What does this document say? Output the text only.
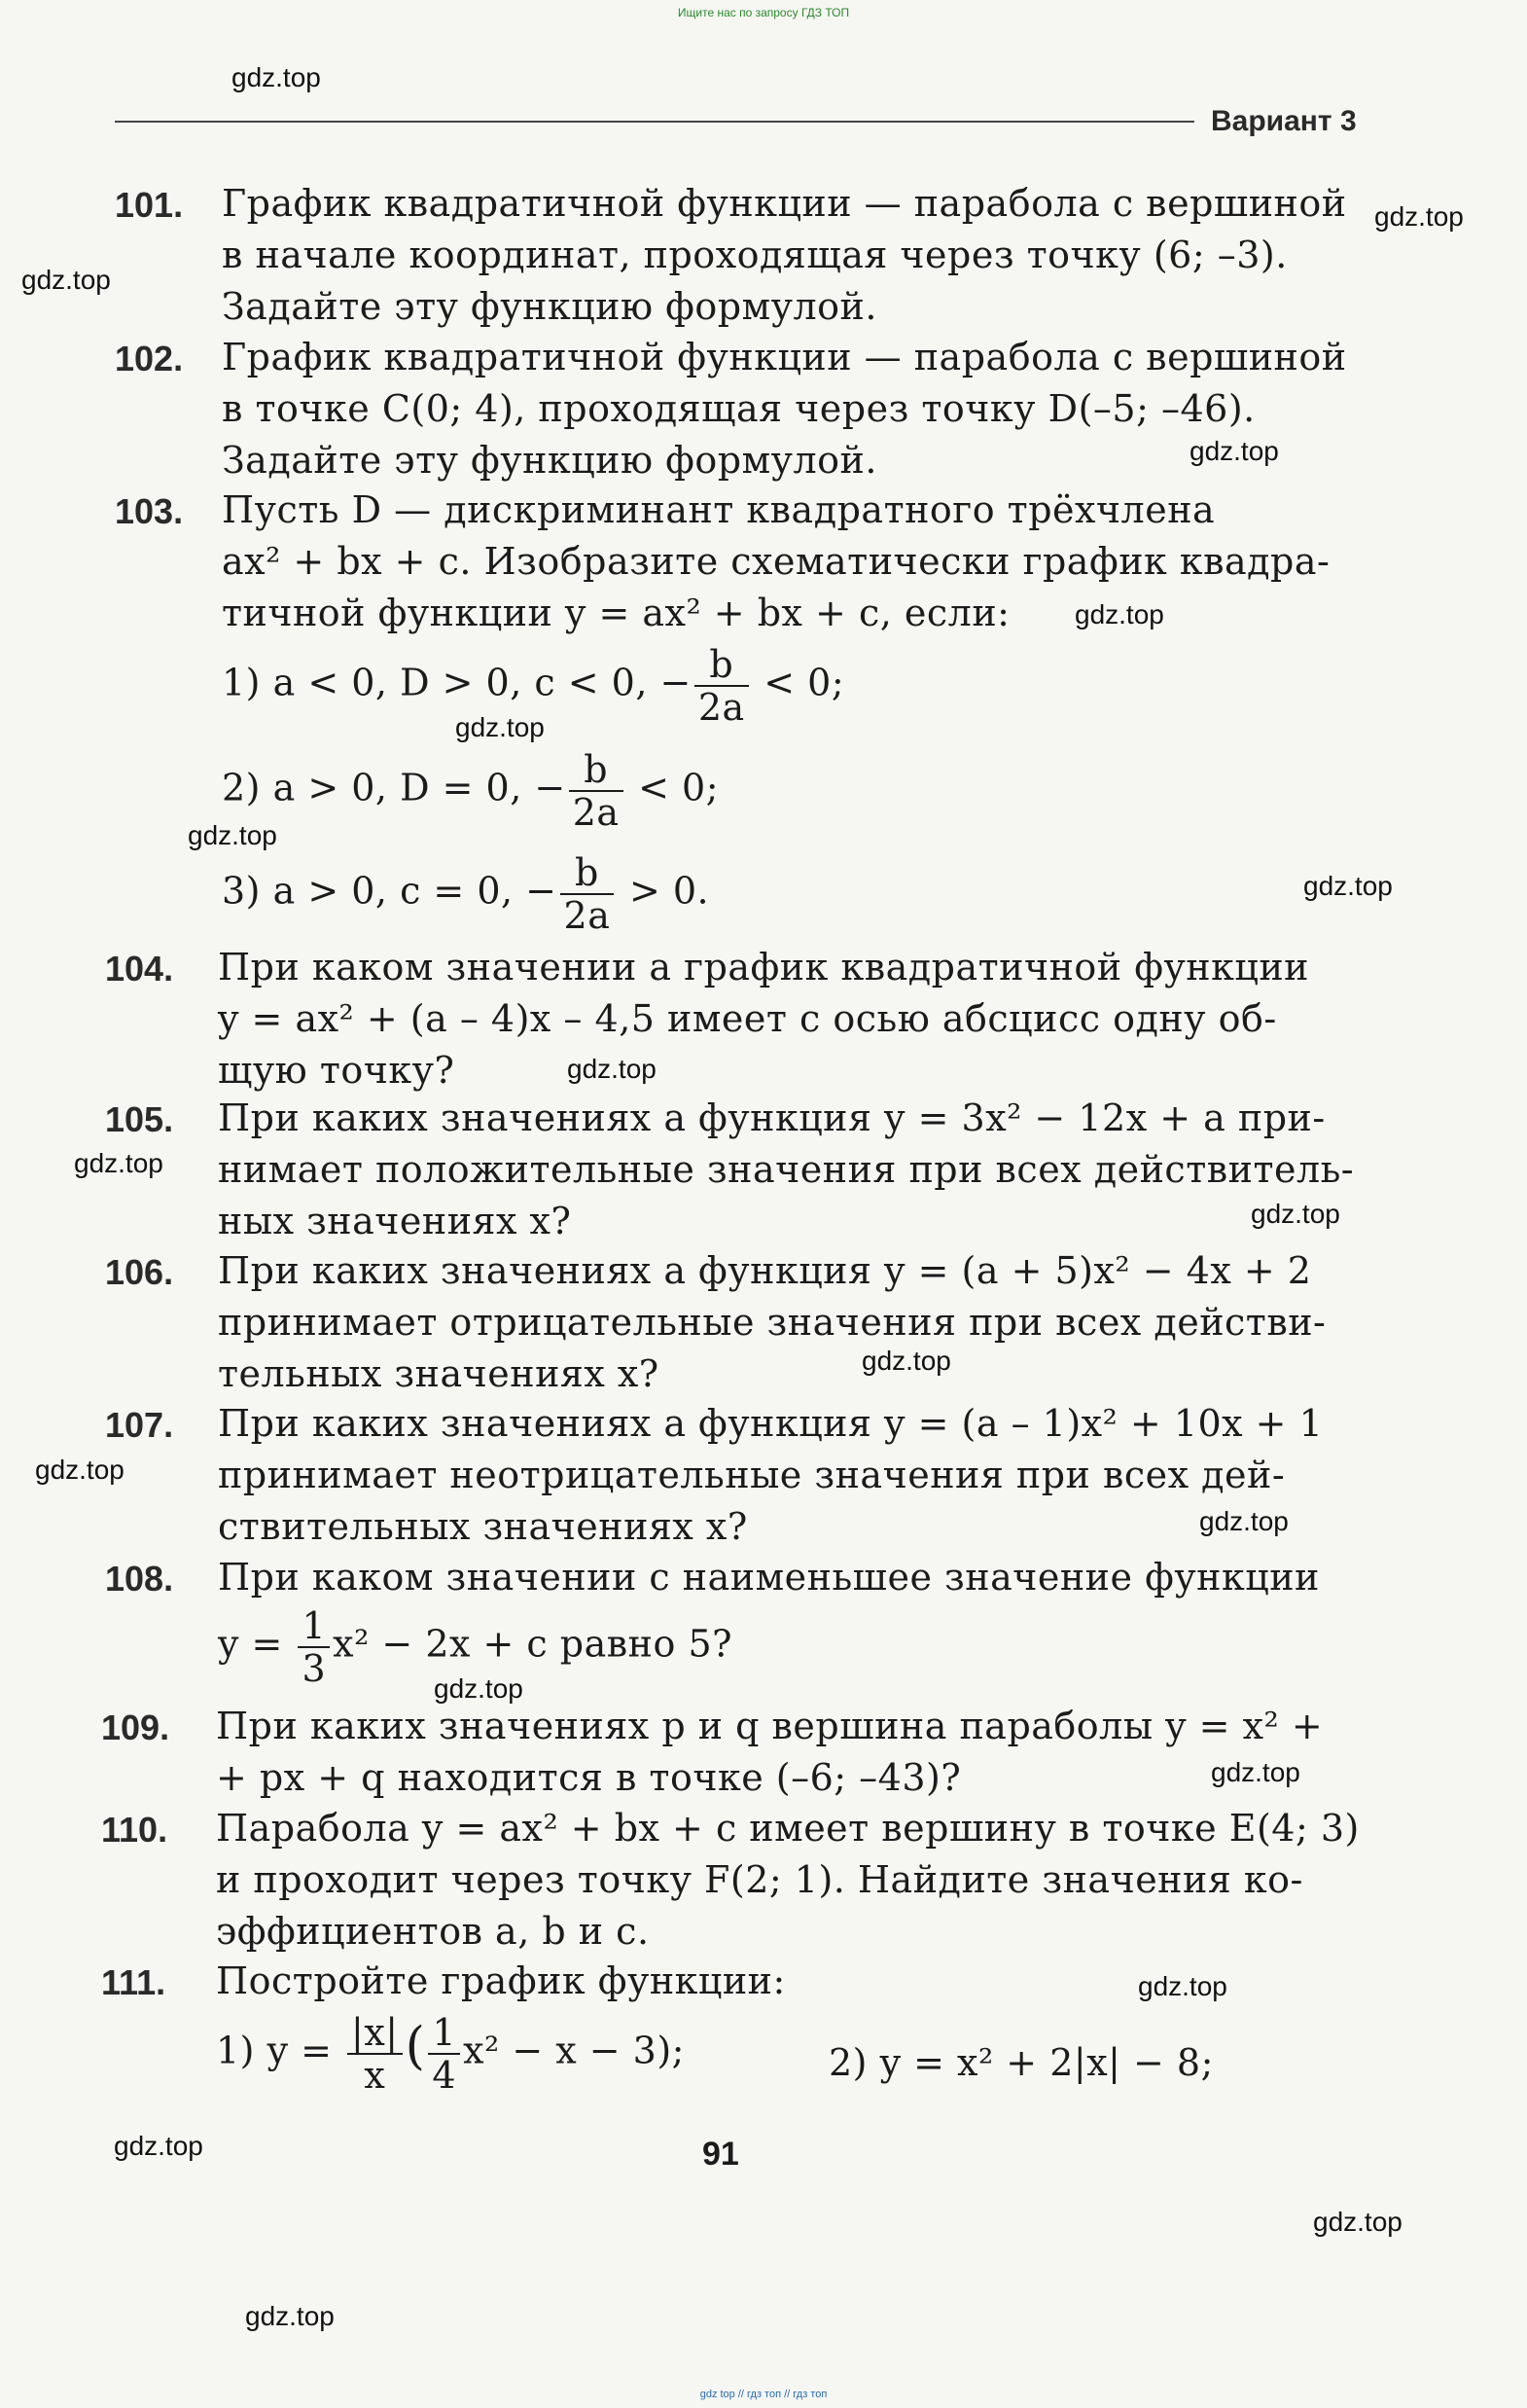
Ищите нас по запросу ГДЗ ТОП
Вариант 3
gdz.top
gdz.top
gdz.top
gdz.top
gdz.top
gdz.top
gdz.top
gdz.top
gdz.top
gdz.top
gdz.top
gdz.top
gdz.top
gdz.top
gdz.top
gdz.top
gdz.top
gdz.top
gdz.top
gdz.top
101. График квадратичной функции — парабола с вершиной
в начале координат, проходящая через точку (6; –3).
Задайте эту функцию формулой.
102. График квадратичной функции — парабола с вершиной
в точке C(0; 4), проходящая через точку D(–5; –46).
Задайте эту функцию формулой.
103. Пусть D — дискриминант квадратного трёхчлена
ax² + bx + c. Изобразите схематически график квадра-
тичной функции y = ax² + bx + c, если:
1) a < 0, D > 0, c < 0, − $\frac{b}{2a} < 0$;
2) a > 0, D = 0, − $\frac{b}{2a} < 0$;
3) a > 0, c = 0, − $\frac{b}{2a} > 0$.
104. При каком значении a график квадратичной функции
y = ax² + (a – 4)x – 4,5 имеет с осью абсцисс одну об-
щую точку?
105. При каких значениях a функция y = 3x² − 12x + a при-
нимает положительные значения при всех действитель-
ных значениях x?
106. При каких значениях a функция y = (a + 5)x² − 4x + 2
принимает отрицательные значения при всех действи-
тельных значениях x?
107. При каких значениях a функция y = (a – 1)x² + 10x + 1
принимает неотрицательные значения при всех дей-
ствительных значениях x?
108. При каком значении c наименьшее значение функции
$y = \frac{1}{3} x^2 - 2x + c$ равно 5?
109. При каких значениях p и q вершина параболы y = x² +
+ px + q находится в точке (–6; –43)?
110. Парабола y = ax² + bx + c имеет вершину в точке E(4; 3)
и проходит через точку F(2; 1). Найдите значения ко-
эффициентов a, b и c.
111. Постройте график функции:
1) $y = \frac{|x|}{x}$ ( $\frac{1}{4} x^2 - x - 3$);	2) y = x² + 2|x| − 8;
91
gdz top // гдз топ // гдз топ
